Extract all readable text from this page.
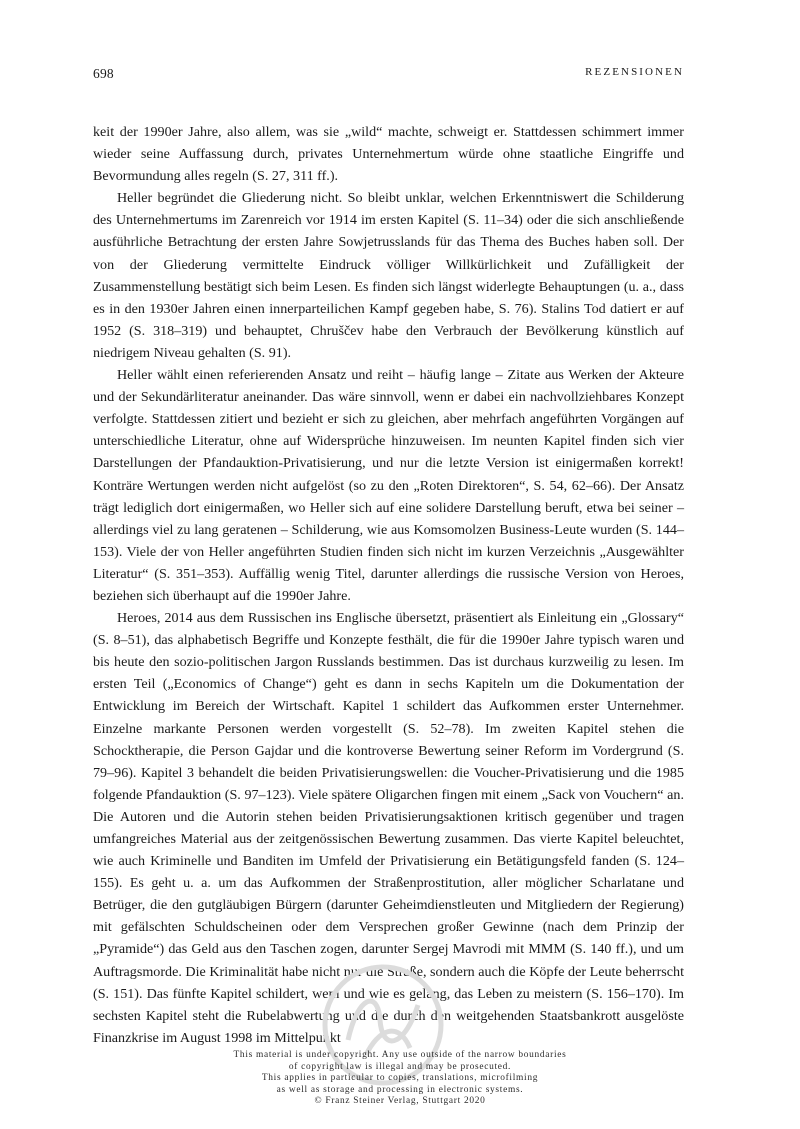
698	REZENSIONEN

keit der 1990er Jahre, also allem, was sie „wild“ machte, schweigt er. Stattdessen schimmert immer wieder seine Auffassung durch, privates Unternehmertum würde ohne staatliche Eingriffe und Bevormundung alles regeln (S. 27, 311 ff.).

Heller begründet die Gliederung nicht. So bleibt unklar, welchen Erkenntniswert die Schilderung des Unternehmertums im Zarenreich vor 1914 im ersten Kapitel (S. 11–34) oder die sich anschließende ausführliche Betrachtung der ersten Jahre Sowjetrusslands für das Thema des Buches haben soll. Der von der Gliederung vermittelte Eindruck völliger Willkürlichkeit und Zufälligkeit der Zusammenstellung bestätigt sich beim Lesen. Es finden sich längst widerlegte Behauptungen (u. a., dass es in den 1930er Jahren einen innerparteilichen Kampf gegeben habe, S. 76). Stalins Tod datiert er auf 1952 (S. 318–319) und behauptet, Chruščev habe den Verbrauch der Bevölkerung künstlich auf niedrigem Niveau gehalten (S. 91).

Heller wählt einen referierenden Ansatz und reiht – häufig lange – Zitate aus Werken der Akteure und der Sekundärliteratur aneinander. Das wäre sinnvoll, wenn er dabei ein nachvollziehbares Konzept verfolgte. Stattdessen zitiert und bezieht er sich zu gleichen, aber mehrfach angeführten Vorgängen auf unterschiedliche Literatur, ohne auf Widersprüche hinzuweisen. Im neunten Kapitel finden sich vier Darstellungen der Pfandauktion-Privatisierung, und nur die letzte Version ist einigermaßen korrekt! Konträre Wertungen werden nicht aufgelöst (so zu den „Roten Direktoren“, S. 54, 62–66). Der Ansatz trägt lediglich dort einigermaßen, wo Heller sich auf eine solidere Darstellung beruft, etwa bei seiner – allerdings viel zu lang geratenen – Schilderung, wie aus Komsomolzen Business-Leute wurden (S. 144–153). Viele der von Heller angeführten Studien finden sich nicht im kurzen Verzeichnis „Ausgewählter Literatur“ (S. 351–353). Auffällig wenig Titel, darunter allerdings die russische Version von Heroes, beziehen sich überhaupt auf die 1990er Jahre.

Heroes, 2014 aus dem Russischen ins Englische übersetzt, präsentiert als Einleitung ein „Glossary“ (S. 8–51), das alphabetisch Begriffe und Konzepte festhält, die für die 1990er Jahre typisch waren und bis heute den sozio-politischen Jargon Russlands bestimmen. Das ist durchaus kurzweilig zu lesen. Im ersten Teil („Economics of Change“) geht es dann in sechs Kapiteln um die Dokumentation der Entwicklung im Bereich der Wirtschaft. Kapitel 1 schildert das Aufkommen erster Unternehmer. Einzelne markante Personen werden vorgestellt (S. 52–78). Im zweiten Kapitel stehen die Schocktherapie, die Person Gajdar und die kontroverse Bewertung seiner Reform im Vordergrund (S. 79–96). Kapitel 3 behandelt die beiden Privatisierungswellen: die Voucher-Privatisierung und die 1985 folgende Pfandauktion (S. 97–123). Viele spätere Oligarchen fingen mit einem „Sack von Vouchern“ an. Die Autoren und die Autorin stehen beiden Privatisierungsaktionen kritisch gegenüber und tragen umfangreiches Material aus der zeitgenössischen Bewertung zusammen. Das vierte Kapitel beleuchtet, wie auch Kriminelle und Banditen im Umfeld der Privatisierung ein Betätigungsfeld fanden (S. 124–155). Es geht u. a. um das Aufkommen der Straßenprostitution, aller möglicher Scharlatane und Betrüger, die den gutgläubigen Bürgern (darunter Geheimdienstleuten und Mitgliedern der Regierung) mit gefälschten Schuldscheinen oder dem Versprechen großer Gewinne (nach dem Prinzip der „Pyramide“) das Geld aus den Taschen zogen, darunter Sergej Mavrodi mit MMM (S. 140 ff.), und um Auftragsmorde. Die Kriminalität habe nicht nur die Straße, sondern auch die Köpfe der Leute beherrscht (S. 151). Das fünfte Kapitel schildert, wem und wie es gelang, das Leben zu meistern (S. 156–170). Im sechsten Kapitel steht die Rubelabwertung und die durch den weitgehenden Staatsbankrott ausgelöste Finanzkrise im August 1998 im Mittelpunkt

This material is under copyright. Any use outside of the narrow boundaries
of copyright law is illegal and may be prosecuted.
This applies in particular to copies, translations, microfilming
as well as storage and processing in electronic systems.
© Franz Steiner Verlag, Stuttgart 2020
